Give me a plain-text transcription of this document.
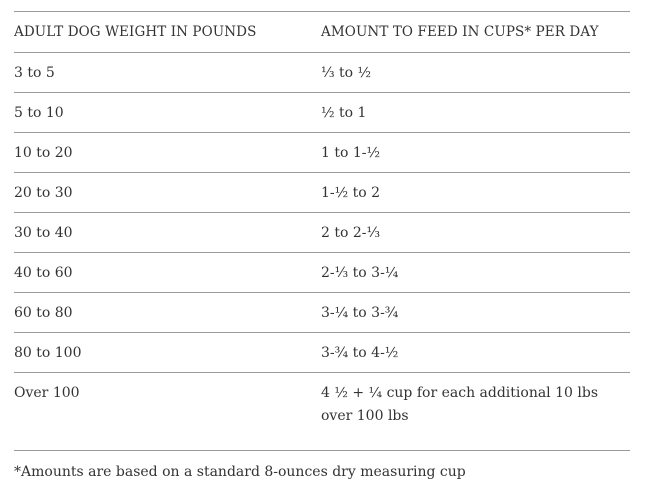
ADULT DOG WEIGHT IN POUNDS	AMOUNT TO FEED IN CUPS* PER DAY
3 to 5	⅓ to ½
5 to 10	½ to 1
10 to 20	1 to 1-½
20 to 30	1-½ to 2
30 to 40	2 to 2-⅓
40 to 60	2-⅓ to 3-¼
60 to 80	3-¼ to 3-¾
80 to 100	3-¾ to 4-½
Over 100	4 ½ + ¼ cup for each additional 10 lbs over 100 lbs
*Amounts are based on a standard 8-ounces dry measuring cup
